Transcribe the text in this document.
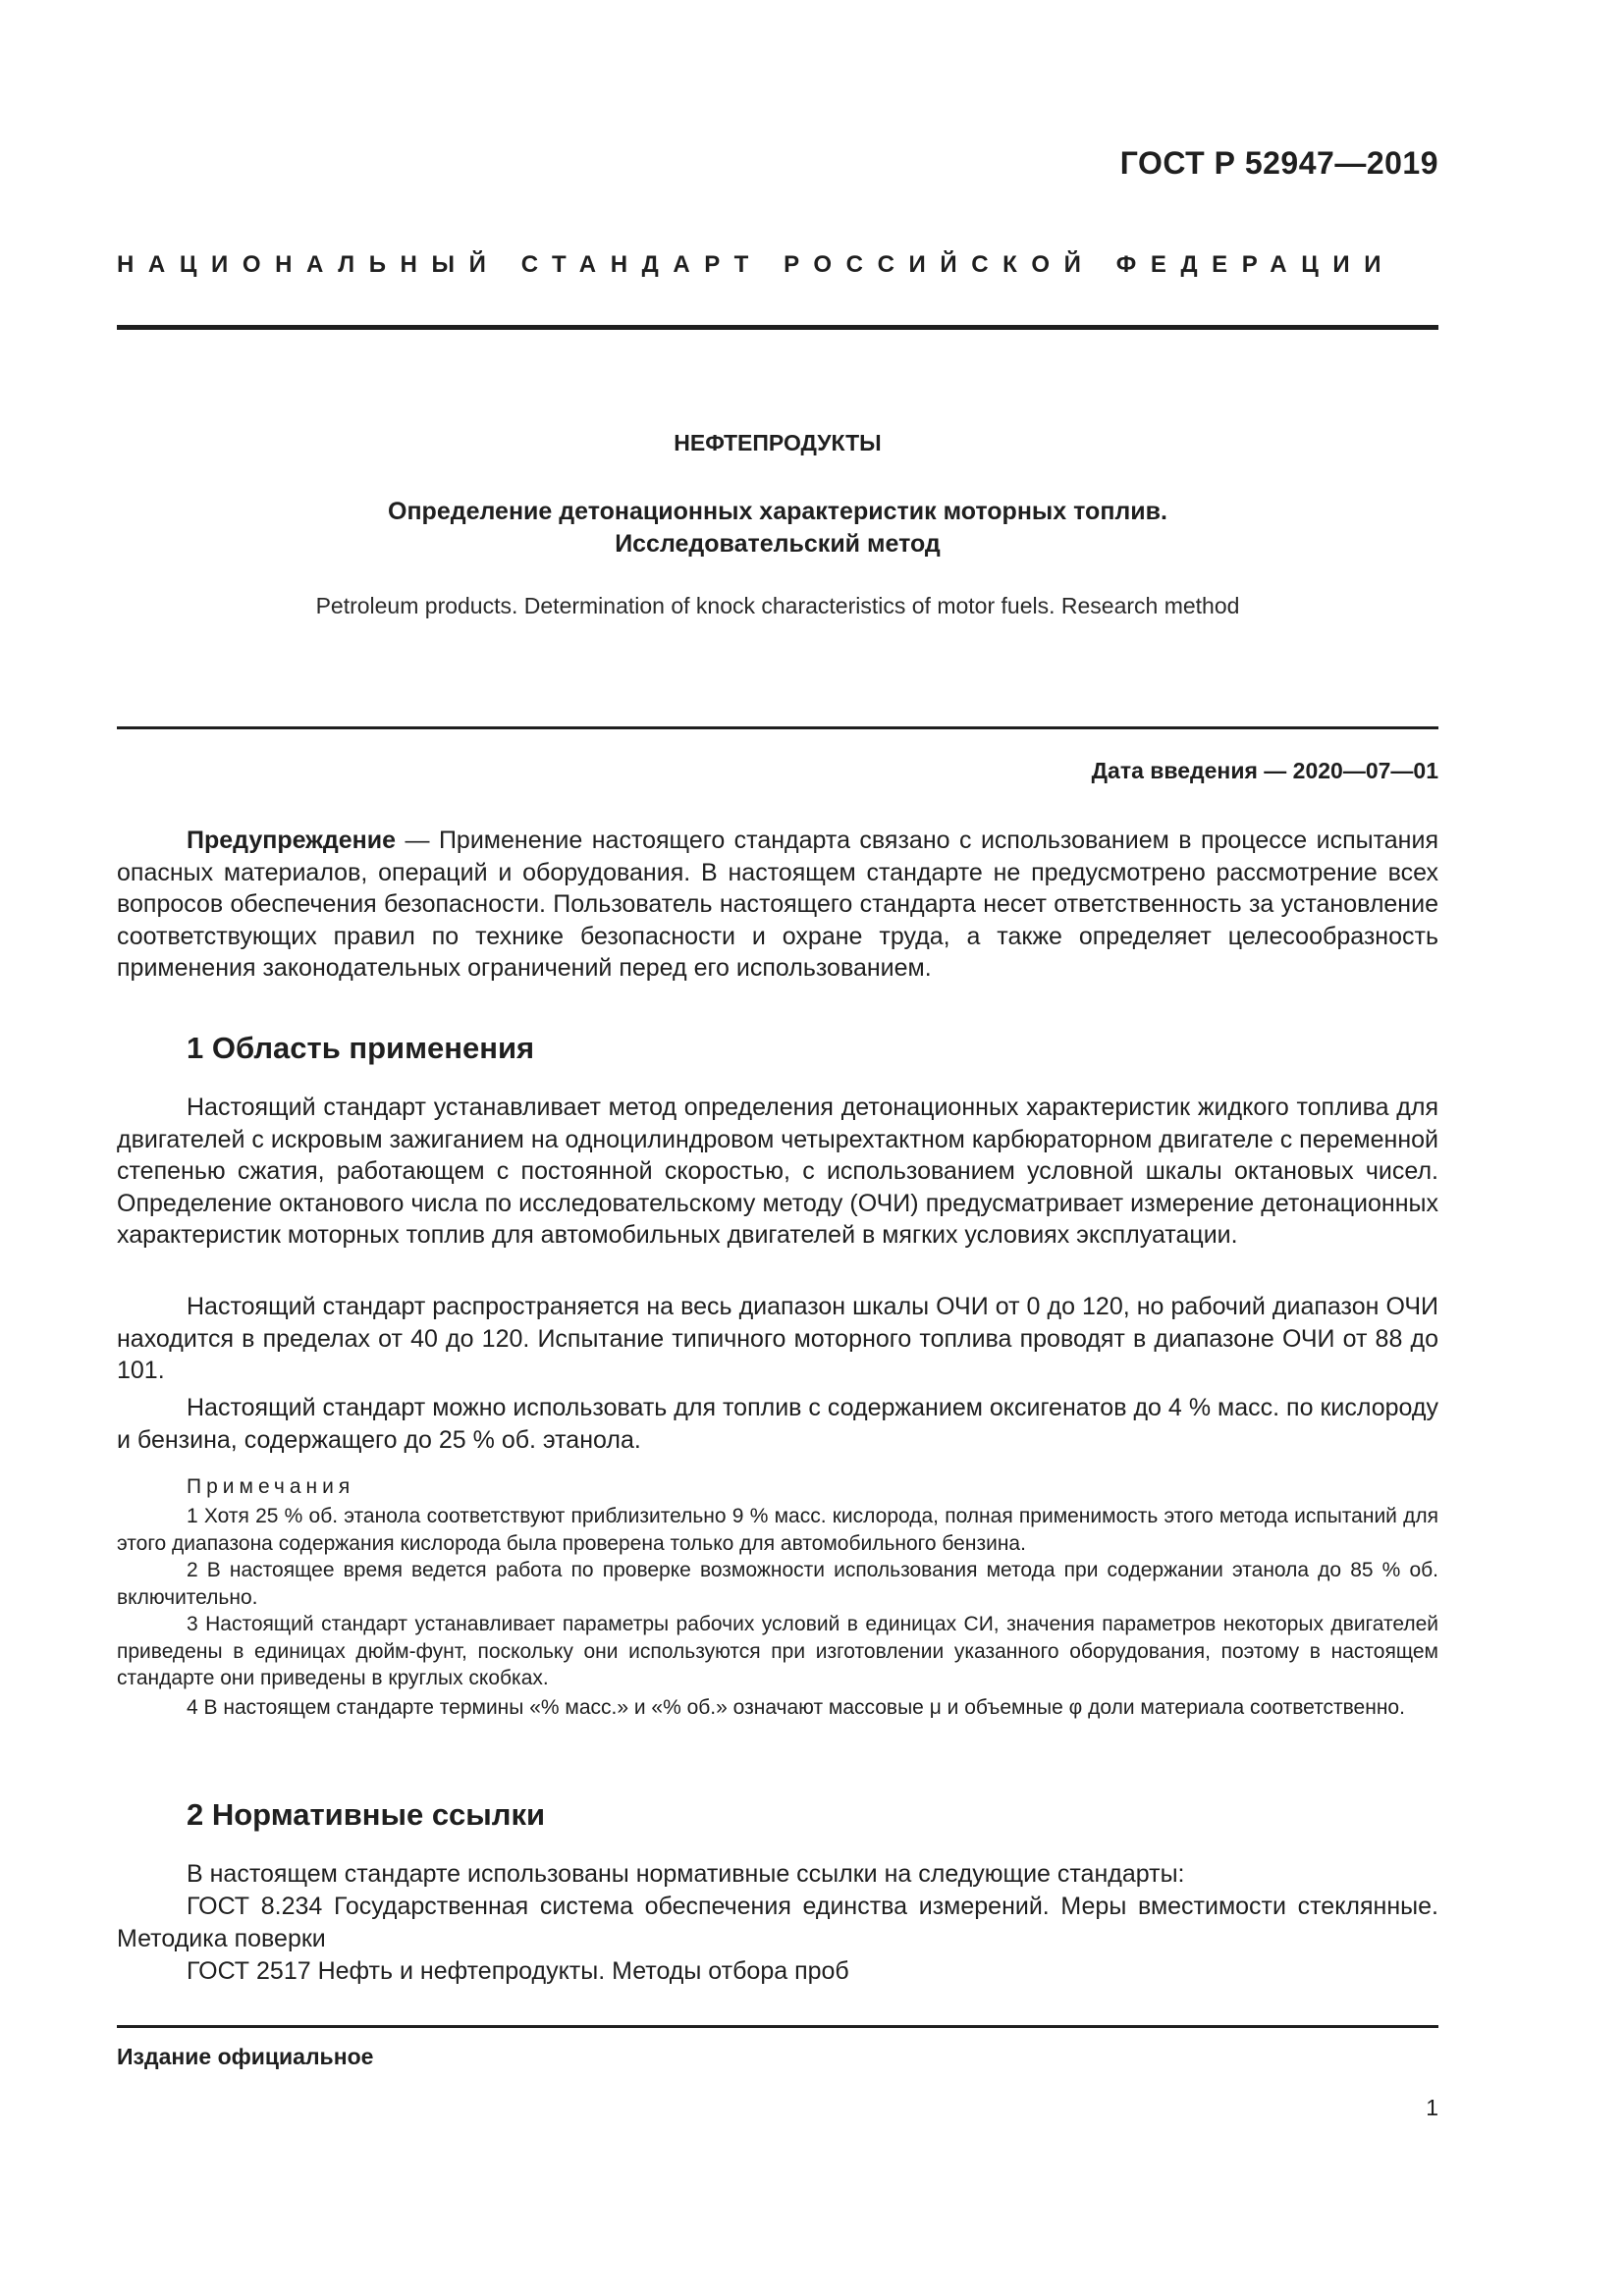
ГОСТ Р 52947—2019
НАЦИОНАЛЬНЫЙ СТАНДАРТ РОССИЙСКОЙ ФЕДЕРАЦИИ
НЕФТЕПРОДУКТЫ
Определение детонационных характеристик моторных топлив.
Исследовательский метод
Petroleum products. Determination of knock characteristics of motor fuels. Research method
Дата введения — 2020—07—01

Предупреждение — Применение настоящего стандарта связано с использованием в процессе испытания опасных материалов, операций и оборудования. В настоящем стандарте не предусмотрено рассмотрение всех вопросов обеспечения безопасности. Пользователь настоящего стандарта несет ответственность за установление соответствующих правил по технике безопасности и охране труда, а также определяет целесообразность применения законодательных ограничений перед его использованием.

1 Область применения

Настоящий стандарт устанавливает метод определения детонационных характеристик жидкого топлива для двигателей с искровым зажиганием на одноцилиндровом четырехтактном карбюраторном двигателе с переменной степенью сжатия, работающем с постоянной скоростью, с использованием условной шкалы октановых чисел. Определение октанового числа по исследовательскому методу (ОЧИ) предусматривает измерение детонационных характеристик моторных топлив для автомобильных двигателей в мягких условиях эксплуатации.

Настоящий стандарт распространяется на весь диапазон шкалы ОЧИ от 0 до 120, но рабочий диапазон ОЧИ находится в пределах от 40 до 120. Испытание типичного моторного топлива проводят в диапазоне ОЧИ от 88 до 101.

Настоящий стандарт можно использовать для топлив с содержанием оксигенатов до 4 % масс. по кислороду и бензина, содержащего до 25 % об. этанола.

Примечания

1 Хотя 25 % об. этанола соответствуют приблизительно 9 % масс. кислорода, полная применимость этого метода испытаний для этого диапазона содержания кислорода была проверена только для автомобильного бензина.

2 В настоящее время ведется работа по проверке возможности использования метода при содержании этанола до 85 % об. включительно.

3 Настоящий стандарт устанавливает параметры рабочих условий в единицах СИ, значения параметров некоторых двигателей приведены в единицах дюйм-фунт, поскольку они используются при изготовлении указанного оборудования, поэтому в настоящем стандарте они приведены в круглых скобках.

4 В настоящем стандарте термины «% масс.» и «% об.» означают массовые μ и объемные φ доли материала соответственно.

2 Нормативные ссылки

В настоящем стандарте использованы нормативные ссылки на следующие стандарты:

ГОСТ 8.234 Государственная система обеспечения единства измерений. Меры вместимости стеклянные. Методика поверки

ГОСТ 2517 Нефть и нефтепродукты. Методы отбора проб

Издание официальное
1
